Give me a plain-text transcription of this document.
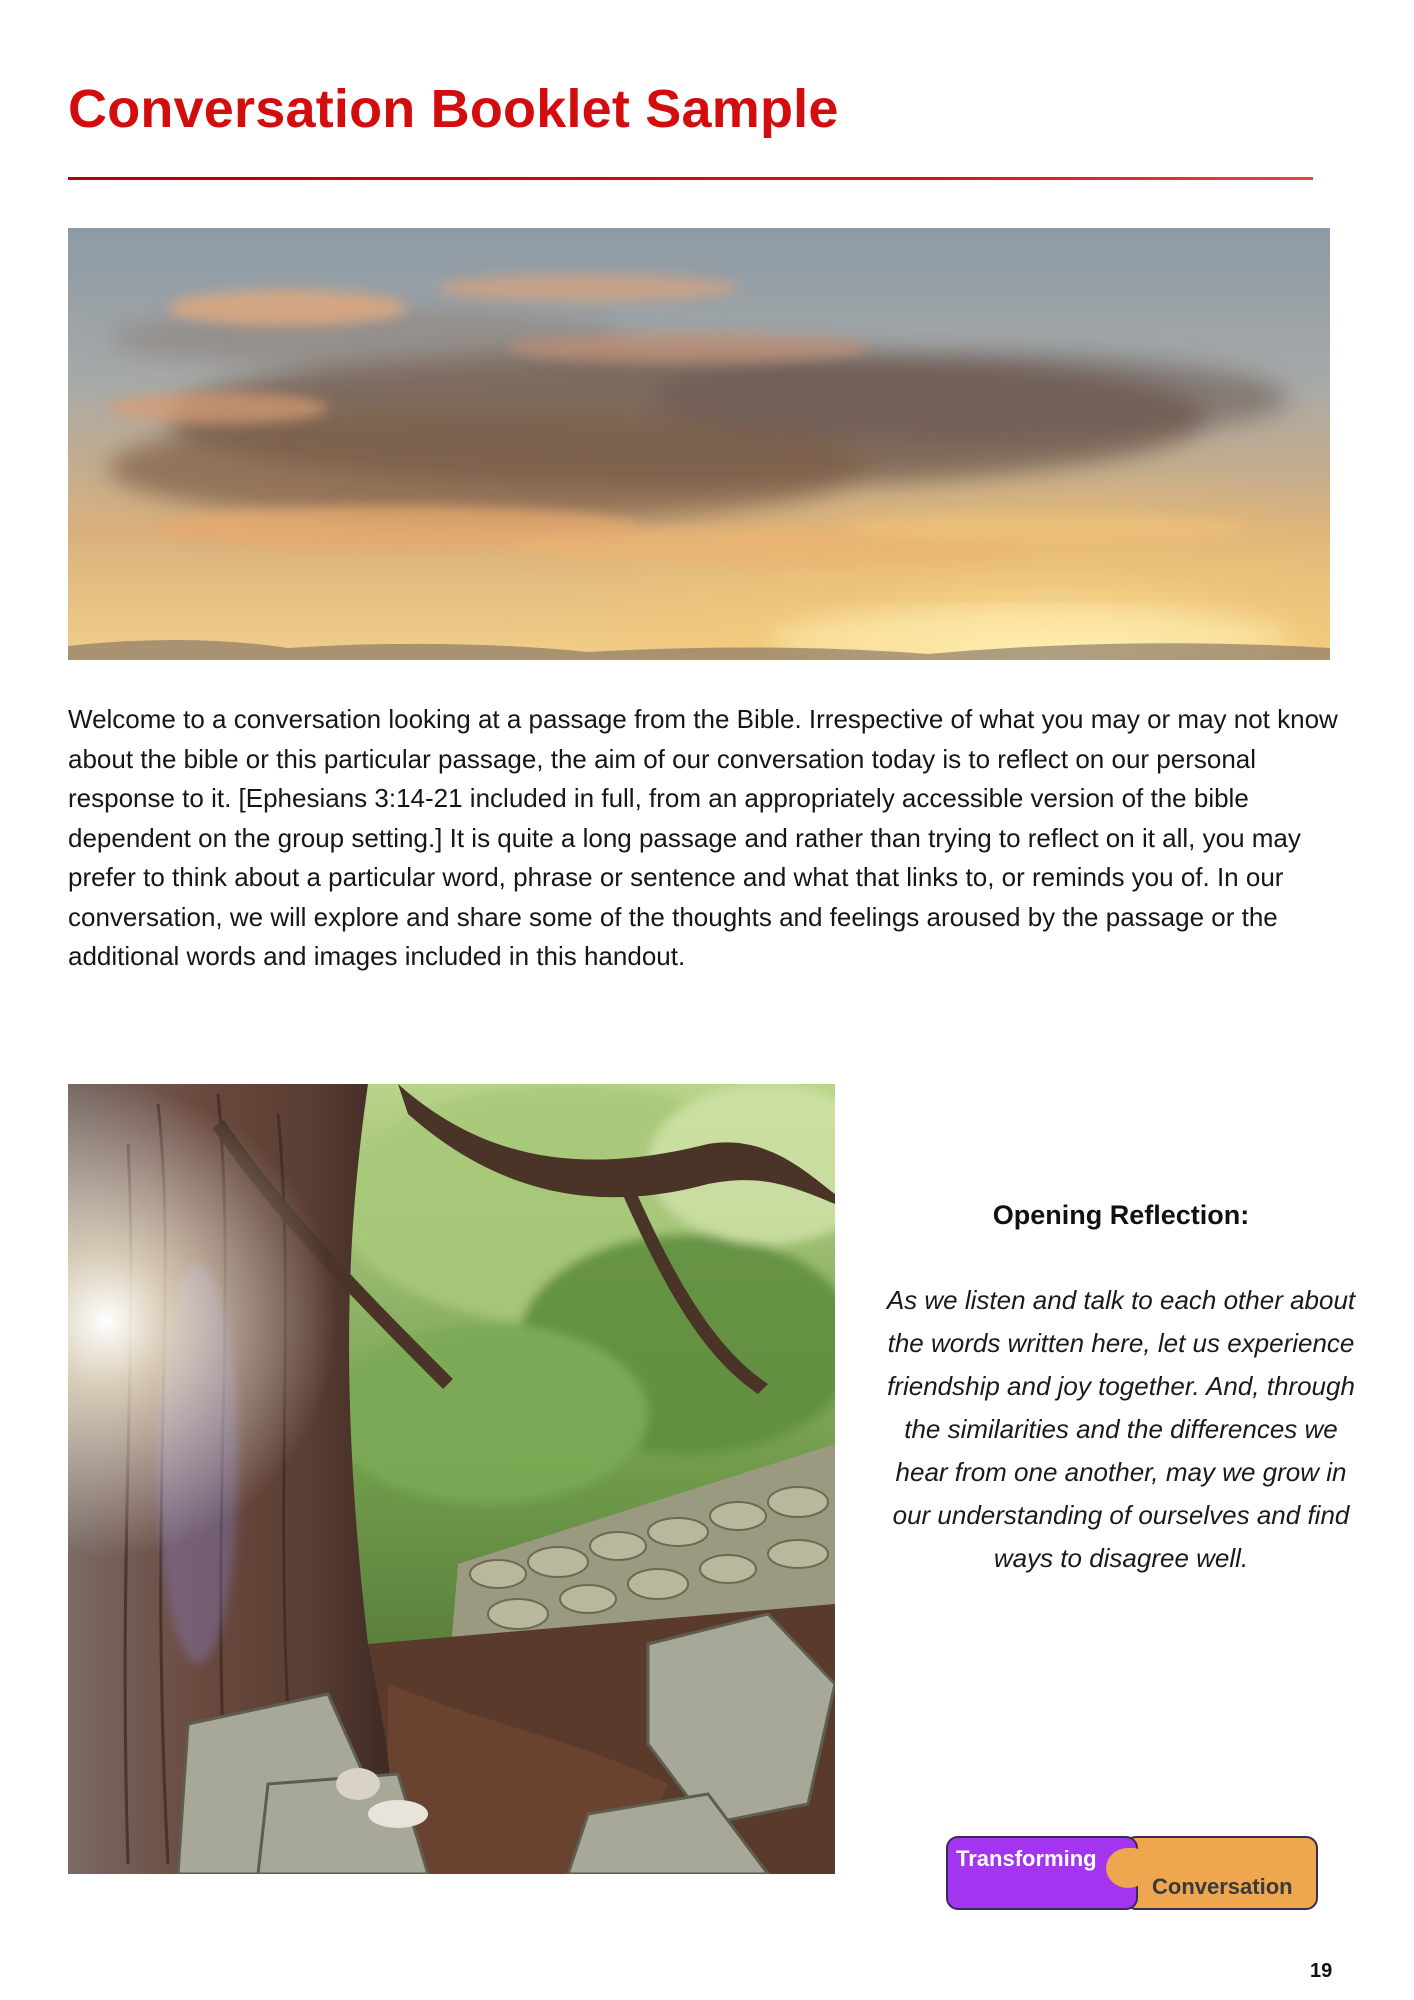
Conversation Booklet Sample

Welcome to a conversation looking at a passage from the Bible. Irrespective of what you may or may not know about the bible or this particular passage, the aim of our conversation today is to reflect on our personal response to it. [Ephesians 3:14-21 included in full, from an appropriately accessible version of the bible dependent on the group setting.] It is quite a long passage and rather than trying to reflect on it all, you may prefer to think about a particular word, phrase or sentence and what that links to, or reminds you of. In our conversation, we will explore and share some of the thoughts and feelings aroused by the passage or the additional words and images included in this handout.

Opening Reflection:

As we listen and talk to each other about the words written here, let us experience friendship and joy together. And, through the similarities and the differences we hear from one another, may we grow in our understanding of ourselves and find ways to disagree well.

Transforming
Conversation
19
